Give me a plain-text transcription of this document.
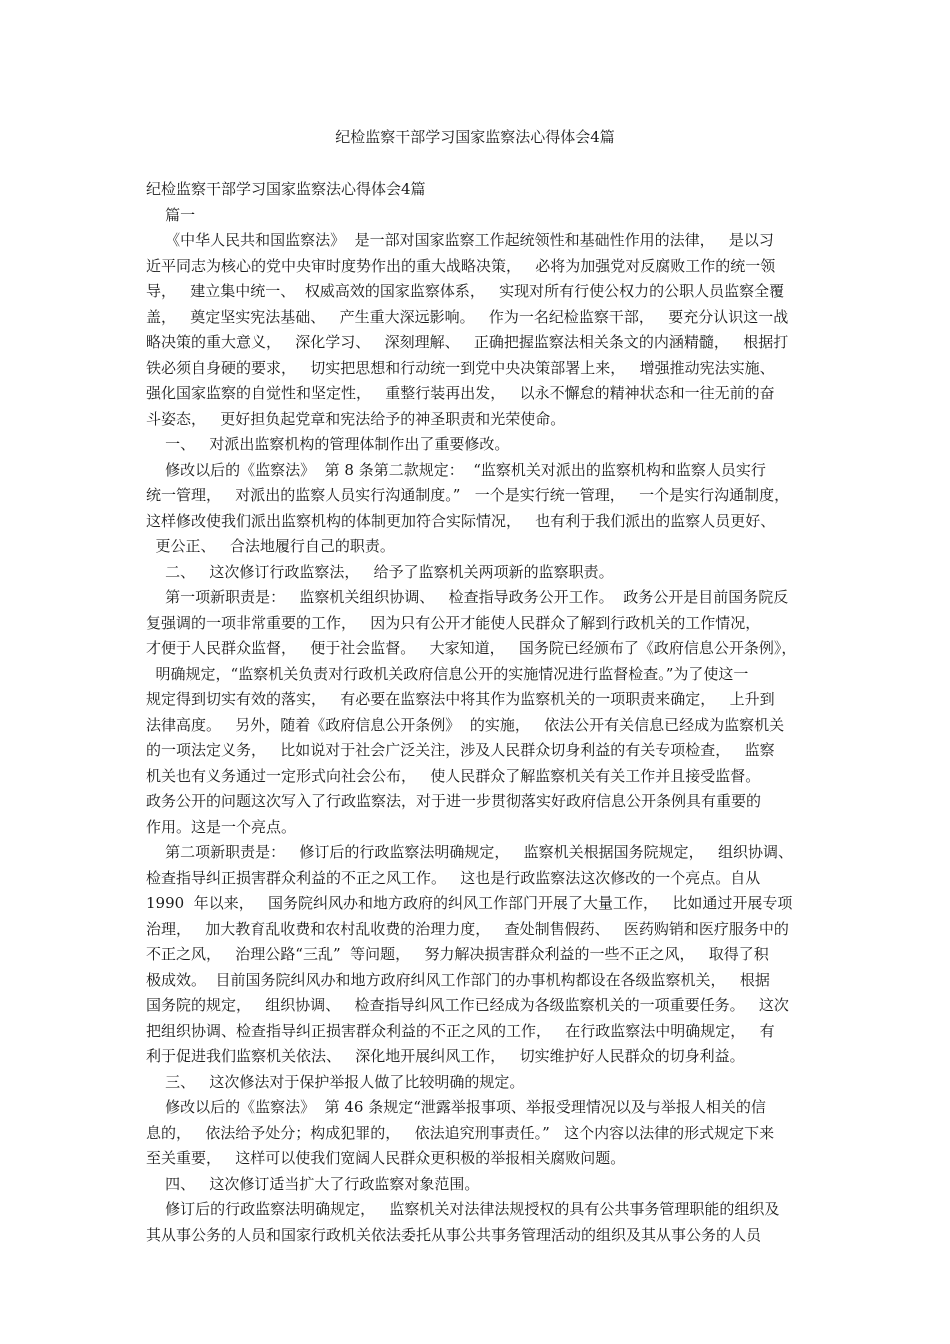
纪检监察干部学习国家监察法心得体会4篇
纪检监察干部学习国家监察法心得体会4篇
篇一
《中华人民共和国监察法》  是一部对国家监察工作起统领性和基础性作用的法律，   是以习
近平同志为核心的党中央审时度势作出的重大战略决策，   必将为加强党对反腐败工作的统一领
导，   建立集中统一、  权威高效的国家监察体系，   实现对所有行使公权力的公职人员监察全覆
盖，   奠定坚实宪法基础、   产生重大深远影响。   作为一名纪检监察干部，   要充分认识这一战
略决策的重大意义，   深化学习、   深刻理解、   正确把握监察法相关条文的内涵精髓，   根据打
铁必须自身硬的要求，   切实把思想和行动统一到党中央决策部署上来，   增强推动宪法实施、
强化国家监察的自觉性和坚定性，   重整行装再出发，   以永不懈怠的精神状态和一往无前的奋
斗姿态，   更好担负起党章和宪法给予的神圣职责和光荣使命。
一、   对派出监察机构的管理体制作出了重要修改。
修改以后的《监察法》  第 8 条第二款规定：  “监察机关对派出的监察机构和监察人员实行
统一管理，   对派出的监察人员实行沟通制度。”   一个是实行统一管理，   一个是实行沟通制度，
这样修改使我们派出监察机构的体制更加符合实际情况，   也有利于我们派出的监察人员更好、
更公正、   合法地履行自己的职责。
二、   这次修订行政监察法，   给予了监察机关两项新的监察职责。
第一项新职责是：   监察机关组织协调、   检查指导政务公开工作。  政务公开是目前国务院反
复强调的一项非常重要的工作，   因为只有公开才能使人民群众了解到行政机关的工作情况，
才便于人民群众监督，   便于社会监督。   大家知道，   国务院已经颁布了《政府信息公开条例》，
明确规定，“监察机关负责对行政机关政府信息公开的实施情况进行监督检查。”为了使这一
规定得到切实有效的落实，   有必要在监察法中将其作为监察机关的一项职责来确定，   上升到
法律高度。   另外，随着《政府信息公开条例》  的实施，   依法公开有关信息已经成为监察机关
的一项法定义务，   比如说对于社会广泛关注，涉及人民群众切身利益的有关专项检查，   监察
机关也有义务通过一定形式向社会公布，   使人民群众了解监察机关有关工作并且接受监督。
政务公开的问题这次写入了行政监察法，对于进一步贯彻落实好政府信息公开条例具有重要的
作用。这是一个亮点。
第二项新职责是：   修订后的行政监察法明确规定，   监察机关根据国务院规定，   组织协调、
检查指导纠正损害群众利益的不正之风工作。   这也是行政监察法这次修改的一个亮点。自从
1990  年以来，   国务院纠风办和地方政府的纠风工作部门开展了大量工作，   比如通过开展专项
治理，   加大教育乱收费和农村乱收费的治理力度，   查处制售假药、   医药购销和医疗服务中的
不正之风，   治理公路“三乱”  等问题，   努力解决损害群众利益的一些不正之风，   取得了积
极成效。  目前国务院纠风办和地方政府纠风工作部门的办事机构都设在各级监察机关，   根据
国务院的规定，   组织协调、   检查指导纠风工作已经成为各级监察机关的一项重要任务。   这次
把组织协调、检查指导纠正损害群众利益的不正之风的工作，   在行政监察法中明确规定，   有
利于促进我们监察机关依法、   深化地开展纠风工作，   切实维护好人民群众的切身利益。
三、   这次修法对于保护举报人做了比较明确的规定。
修改以后的《监察法》  第 46 条规定“泄露举报事项、举报受理情况以及与举报人相关的信
息的，   依法给予处分；构成犯罪的，   依法追究刑事责任。”   这个内容以法律的形式规定下来
至关重要，   这样可以使我们宽阔人民群众更积极的举报相关腐败问题。
四、   这次修订适当扩大了行政监察对象范围。
修订后的行政监察法明确规定，   监察机关对法律法规授权的具有公共事务管理职能的组织及
其从事公务的人员和国家行政机关依法委托从事公共事务管理活动的组织及其从事公务的人员
